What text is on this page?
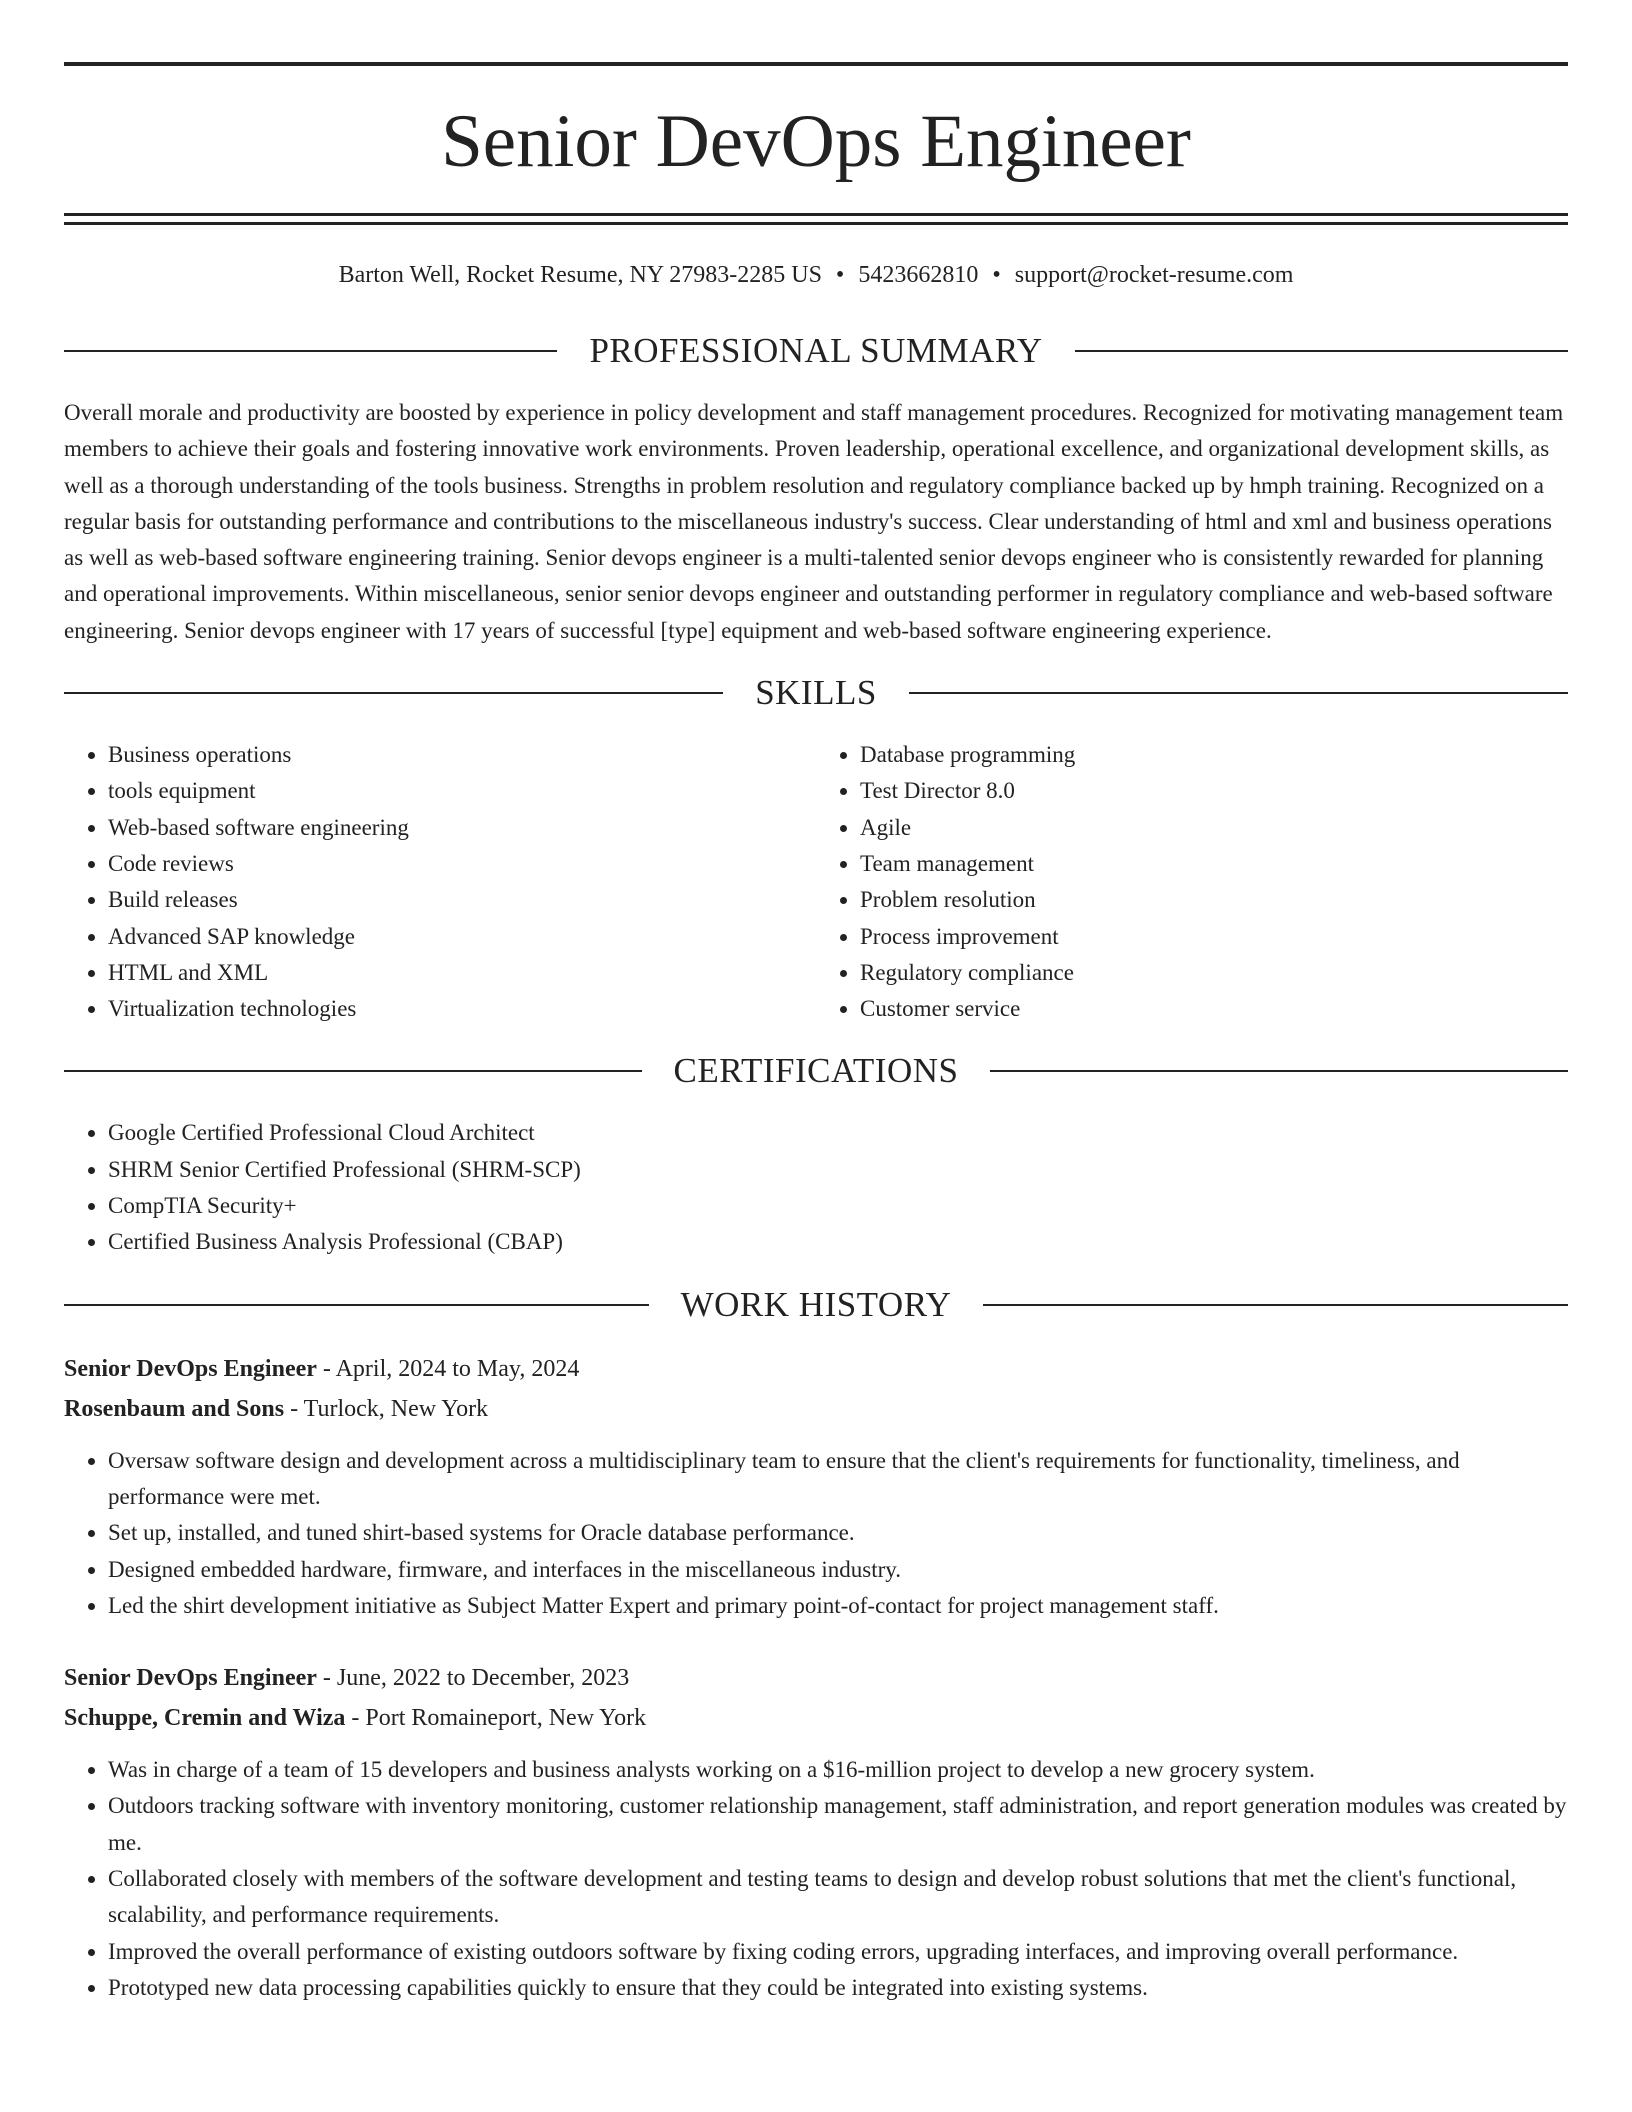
Senior DevOps Engineer
Barton Well, Rocket Resume, NY 27983-2285 US • 5423662810 • support@rocket-resume.com
PROFESSIONAL SUMMARY

Overall morale and productivity are boosted by experience in policy development and staff management procedures. Recognized for motivating management team members to achieve their goals and fostering innovative work environments. Proven leadership, operational excellence, and organizational development skills, as well as a thorough understanding of the tools business. Strengths in problem resolution and regulatory compliance backed up by hmph training. Recognized on a regular basis for outstanding performance and contributions to the miscellaneous industry's success. Clear understanding of html and xml and business operations as well as web-based software engineering training. Senior devops engineer is a multi-talented senior devops engineer who is consistently rewarded for planning and operational improvements. Within miscellaneous, senior senior devops engineer and outstanding performer in regulatory compliance and web-based software engineering. Senior devops engineer with 17 years of successful [type] equipment and web-based software engineering experience.

SKILLS
• Business operations
• tools equipment
• Web-based software engineering
• Code reviews
• Build releases
• Advanced SAP knowledge
• HTML and XML
• Virtualization technologies
• Database programming
• Test Director 8.0
• Agile
• Team management
• Problem resolution
• Process improvement
• Regulatory compliance
• Customer service
CERTIFICATIONS
• Google Certified Professional Cloud Architect
• SHRM Senior Certified Professional (SHRM-SCP)
• CompTIA Security+
• Certified Business Analysis Professional (CBAP)
WORK HISTORY
Senior DevOps Engineer - April, 2024 to May, 2024
Rosenbaum and Sons - Turlock, New York
• Oversaw software design and development across a multidisciplinary team to ensure that the client's requirements for functionality, timeliness, and performance were met.
• Set up, installed, and tuned shirt-based systems for Oracle database performance.
• Designed embedded hardware, firmware, and interfaces in the miscellaneous industry.
• Led the shirt development initiative as Subject Matter Expert and primary point-of-contact for project management staff.
Senior DevOps Engineer - June, 2022 to December, 2023
Schuppe, Cremin and Wiza - Port Romaineport, New York
• Was in charge of a team of 15 developers and business analysts working on a $16-million project to develop a new grocery system.
• Outdoors tracking software with inventory monitoring, customer relationship management, staff administration, and report generation modules was created by me.
• Collaborated closely with members of the software development and testing teams to design and develop robust solutions that met the client's functional, scalability, and performance requirements.
• Improved the overall performance of existing outdoors software by fixing coding errors, upgrading interfaces, and improving overall performance.
• Prototyped new data processing capabilities quickly to ensure that they could be integrated into existing systems.
